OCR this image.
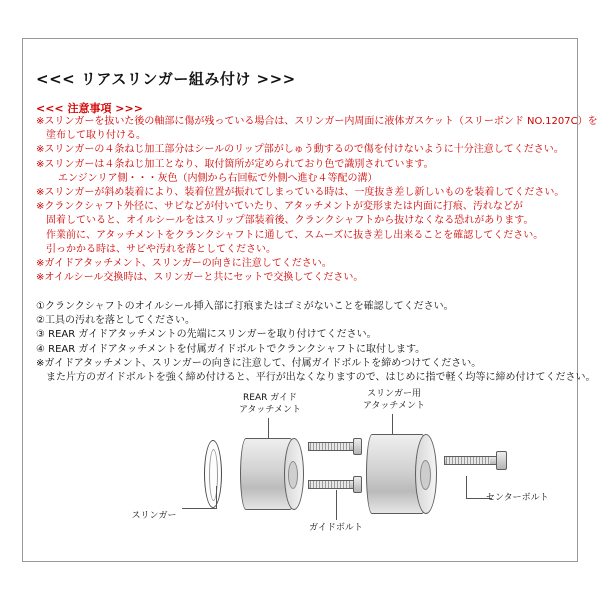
<<< リアスリンガー組み付け >>>
<<< 注意事項 >>>
※スリンガーを抜いた後の軸部に傷が残っている場合は、スリンガー内周面に液体ガスケット（スリーボンド NO.1207C）を
　塗布して取り付ける。
※スリンガーの４条ねじ加工部分はシールのリップ部がしゅう動するので傷を付けないように十分注意してください。
※スリンガーは４条ねじ加工となり、取付箇所が定められており色で識別されています。
　エンジンリア側・・・灰色（内側から右回転で外側へ進む４等配の溝）
※スリンガーが斜め装着により、装着位置が振れてしまっている時は、一度抜き差し新しいものを装着してください。
※クランクシャフト外径に、サビなどが付いていたり、アタッチメントが変形または内面に打痕、汚れなどが
　固着していると、オイルシールをはスリップ部装着後、クランクシャフトから抜けなくなる恐れがあります。
　作業前に、アタッチメントをクランクシャフトに通して、スムーズに抜き差し出来ることを確認してください。
　引っかかる時は、サビや汚れを落としてください。
※ガイドアタッチメント、スリンガーの向きに注意してください。
※オイルシール交換時は、スリンガーと共にセットで交換してください。
①クランクシャフトのオイルシール挿入部に打痕またはゴミがないことを確認してください。
②工具の汚れを落としてください。
③ REAR ガイドアタッチメントの先端にスリンガーを取り付けてください。
④ REAR ガイドアタッチメントを付属ガイドボルトでクランクシャフトに取付します。
※ガイドアタッチメント、スリンガーの向きに注意して、付属ガイドボルトを締めつけてください。
　また片方のガイドボルトを強く締め付けると、平行が出なくなりますので、はじめに指で軽く均等に締め付けてください。
REAR ガイド
アタッチメント
スリンガー用
アタッチメント
スリンガー
ガイドボルト
センターボルト
